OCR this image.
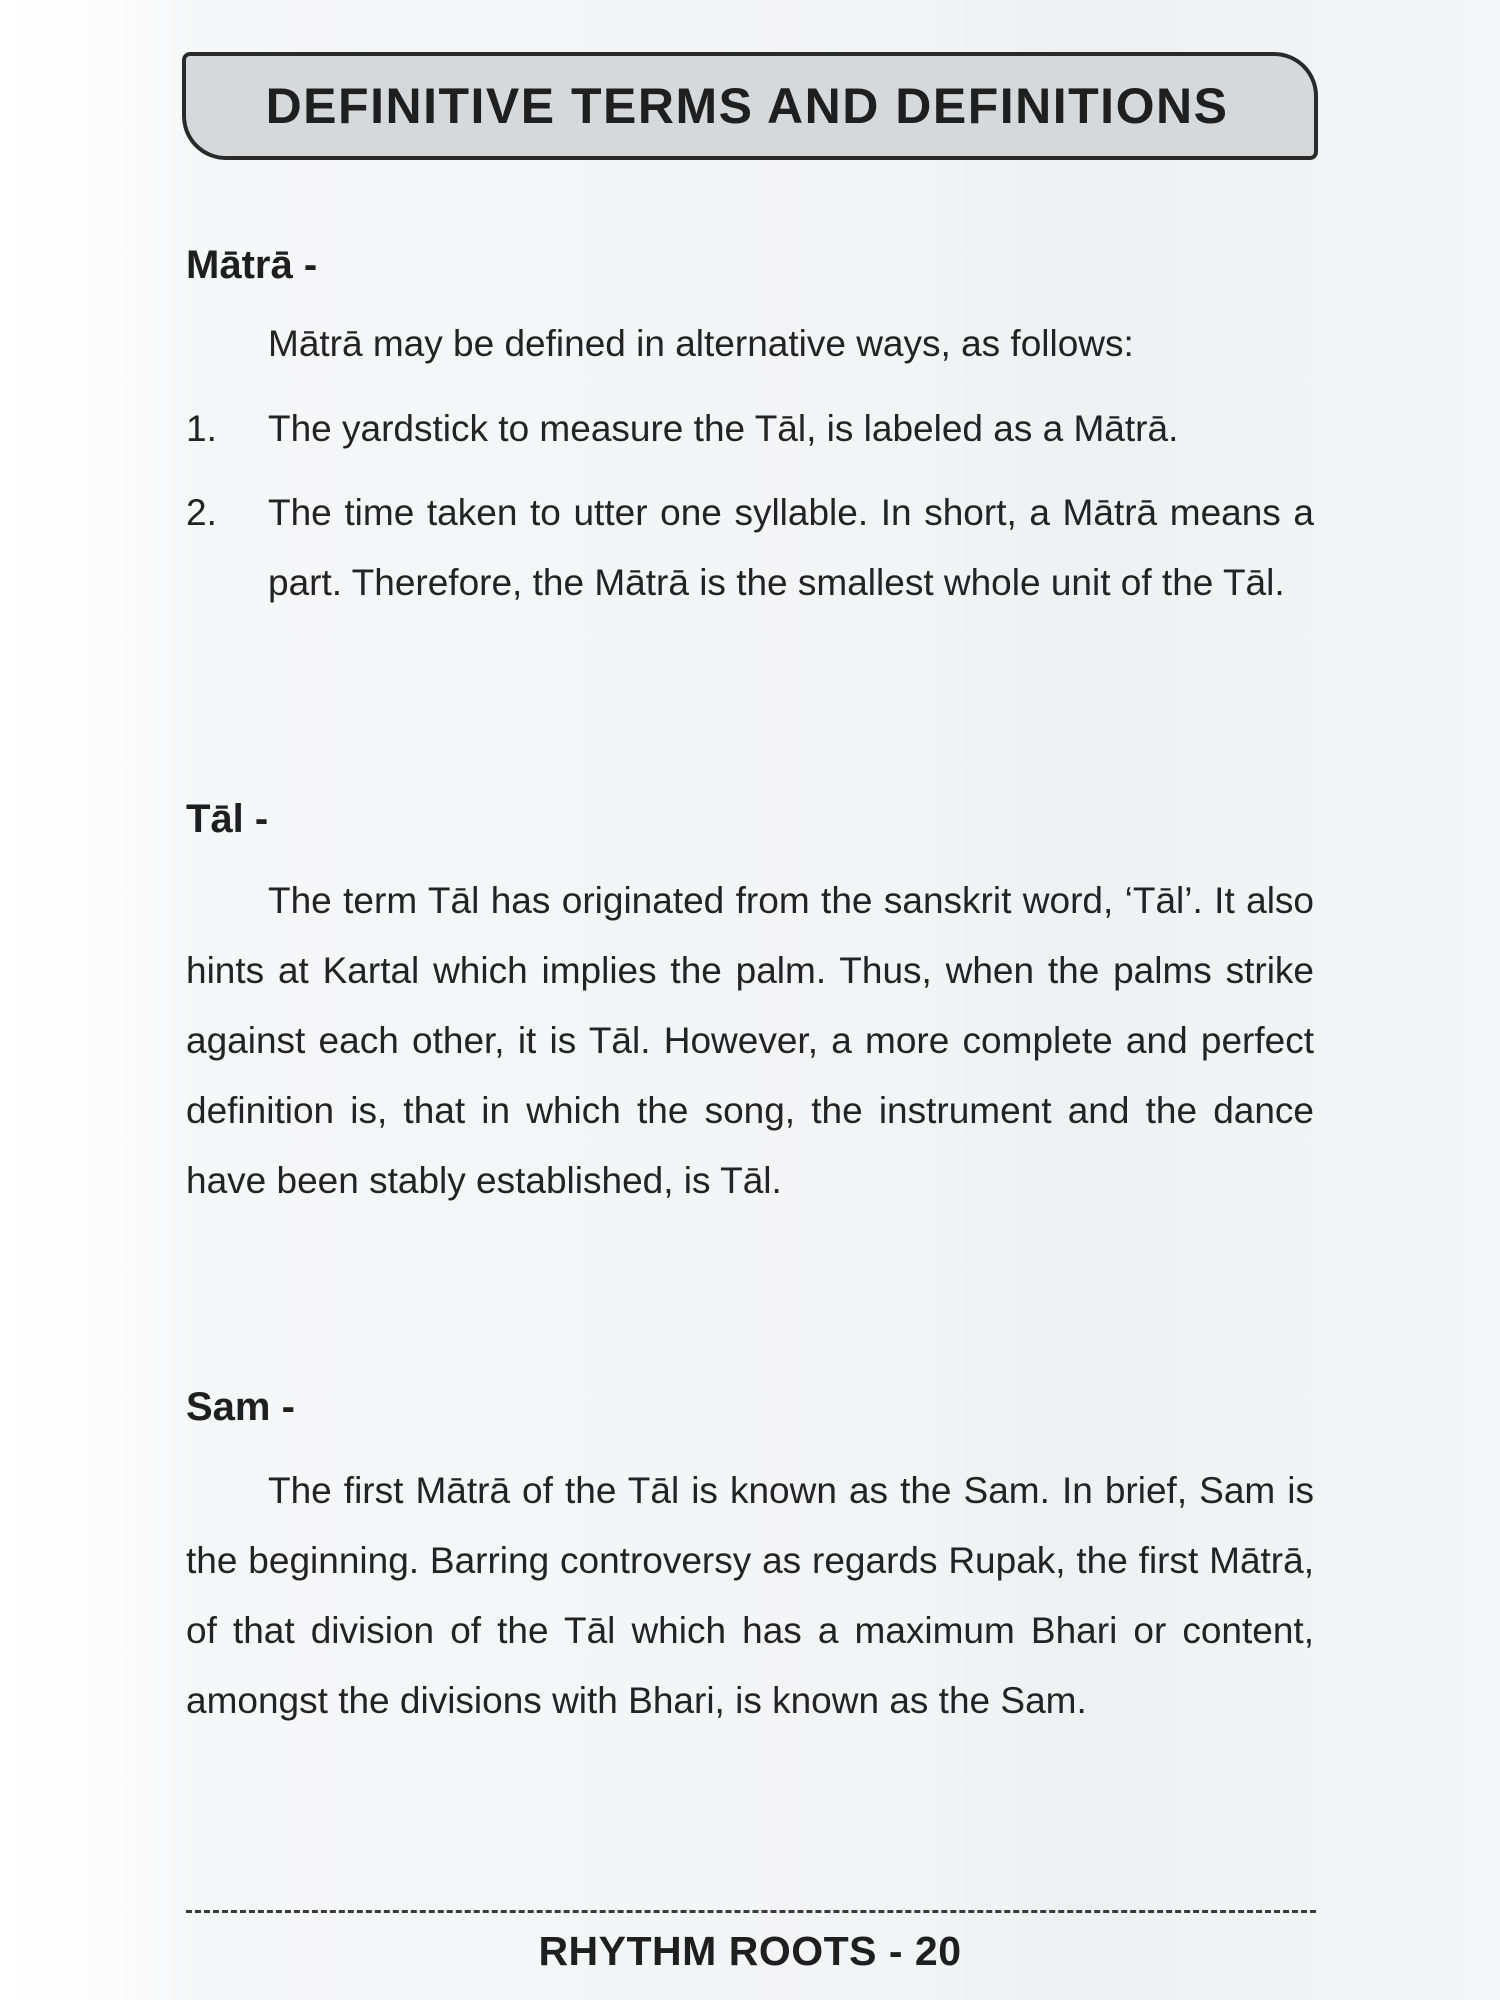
DEFINITIVE TERMS AND DEFINITIONS
Mātrā -
Mātrā may be defined in alternative ways, as follows:
1. The yardstick to measure the Tāl, is labeled as a Mātrā.

2. The time taken to utter one syllable. In short, a Mātrā means a part. Therefore, the Mātrā is the smallest whole unit of the Tāl.

Tāl -

The term Tāl has originated from the sanskrit word, ‘Tāl’. It also hints at Kartal which implies the palm. Thus, when the palms strike against each other, it is Tāl. However, a more complete and perfect definition is, that in which the song, the instrument and the dance have been stably established, is Tāl.

Sam -

The first Mātrā of the Tāl is known as the Sam. In brief, Sam is the beginning. Barring controversy as regards Rupak, the first Mātrā, of that division of the Tāl which has a maximum Bhari or content, amongst the divisions with Bhari, is known as the Sam.

RHYTHM ROOTS - 20
